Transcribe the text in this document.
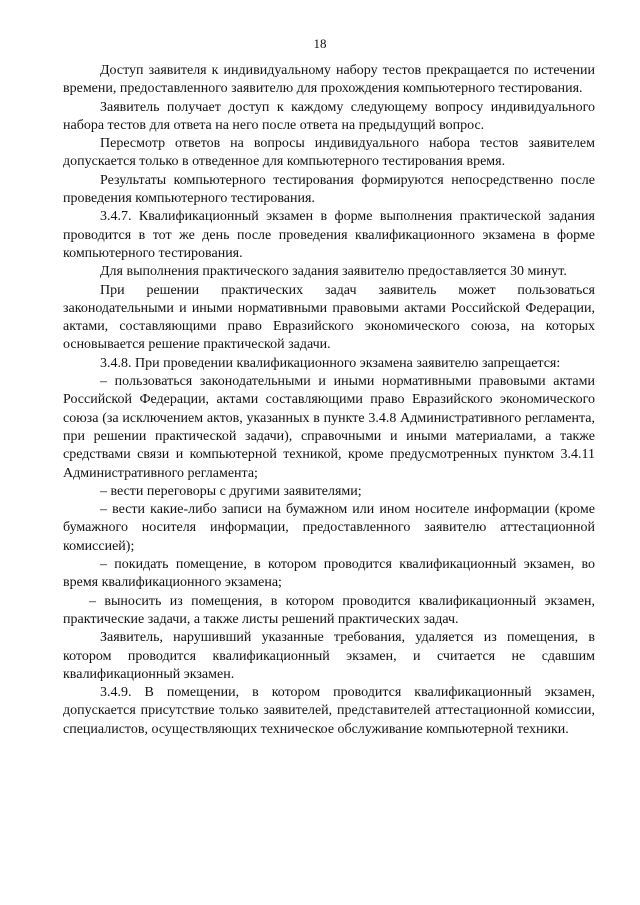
18

Доступ заявителя к индивидуальному набору тестов прекращается по истечении времени, предоставленного заявителю для прохождения компьютерного тестирования.

Заявитель получает доступ к каждому следующему вопросу индивидуального набора тестов для ответа на него после ответа на предыдущий вопрос.

Пересмотр ответов на вопросы индивидуального набора тестов заявителем допускается только в отведенное для компьютерного тестирования время.

Результаты компьютерного тестирования формируются непосредственно после проведения компьютерного тестирования.

3.4.7. Квалификационный экзамен в форме выполнения практической задания проводится в тот же день после проведения квалификационного экзамена в форме компьютерного тестирования.

Для выполнения практического задания заявителю предоставляется 30 минут.

При решении практических задач заявитель может пользоваться законодательными и иными нормативными правовыми актами Российской Федерации, актами, составляющими право Евразийского экономического союза, на которых основывается решение практической задачи.

3.4.8. При проведении квалификационного экзамена заявителю запрещается:

– пользоваться законодательными и иными нормативными правовыми актами Российской Федерации, актами составляющими право Евразийского экономического союза (за исключением актов, указанных в пункте 3.4.8 Административного регламента, при решении практической задачи), справочными и иными материалами, а также средствами связи и компьютерной техникой, кроме предусмотренных пунктом 3.4.11 Административного регламента;

– вести переговоры с другими заявителями;

– вести какие-либо записи на бумажном или ином носителе информации (кроме бумажного носителя информации, предоставленного заявителю аттестационной комиссией);

– покидать помещение, в котором проводится квалификационный экзамен, во время квалификационного экзамена;

– выносить из помещения, в котором проводится квалификационный экзамен, практические задачи, а также листы решений практических задач.

Заявитель, нарушивший указанные требования, удаляется из помещения, в котором проводится квалификационный экзамен, и считается не сдавшим квалификационный экзамен.

3.4.9. В помещении, в котором проводится квалификационный экзамен, допускается присутствие только заявителей, представителей аттестационной комиссии, специалистов, осуществляющих техническое обслуживание компьютерной техники.
